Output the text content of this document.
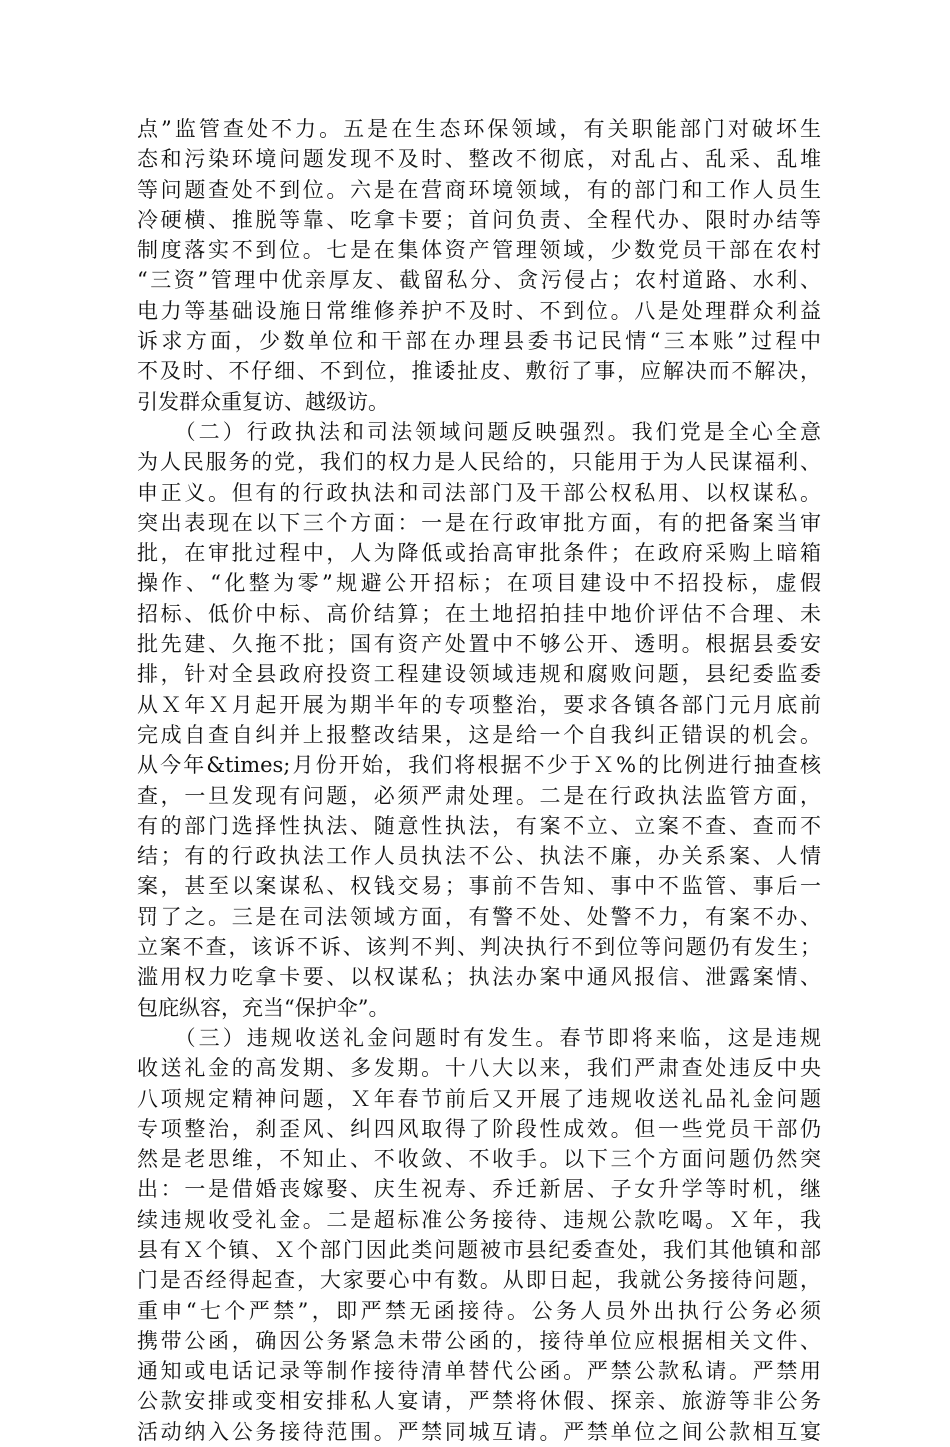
点”监管查处不力。五是在生态环保领域，有关职能部门对破坏生
态和污染环境问题发现不及时、整改不彻底，对乱占、乱采、乱堆
等问题查处不到位。六是在营商环境领域，有的部门和工作人员生
冷硬横、推脱等靠、吃拿卡要；首问负责、全程代办、限时办结等
制度落实不到位。七是在集体资产管理领域，少数党员干部在农村
“三资”管理中优亲厚友、截留私分、贪污侵占；农村道路、水利、
电力等基础设施日常维修养护不及时、不到位。八是处理群众利益
诉求方面，少数单位和干部在办理县委书记民情“三本账”过程中
不及时、不仔细、不到位，推诿扯皮、敷衍了事，应解决而不解决，
引发群众重复访、越级访。
　　（二）行政执法和司法领域问题反映强烈。我们党是全心全意
为人民服务的党，我们的权力是人民给的，只能用于为人民谋福利、
申正义。但有的行政执法和司法部门及干部公权私用、以权谋私。
突出表现在以下三个方面：一是在行政审批方面，有的把备案当审
批，在审批过程中，人为降低或抬高审批条件；在政府采购上暗箱
操作、“化整为零”规避公开招标；在项目建设中不招投标，虚假
招标、低价中标、高价结算；在土地招拍挂中地价评估不合理、未
批先建、久拖不批；国有资产处置中不够公开、透明。根据县委安
排，针对全县政府投资工程建设领域违规和腐败问题，县纪委监委
从Ｘ年Ｘ月起开展为期半年的专项整治，要求各镇各部门元月底前
完成自查自纠并上报整改结果，这是给一个自我纠正错误的机会。
从今年&times;月份开始，我们将根据不少于Ｘ%的比例进行抽查核
查，一旦发现有问题，必须严肃处理。二是在行政执法监管方面，
有的部门选择性执法、随意性执法，有案不立、立案不查、查而不
结；有的行政执法工作人员执法不公、执法不廉，办关系案、人情
案，甚至以案谋私、权钱交易；事前不告知、事中不监管、事后一
罚了之。三是在司法领域方面，有警不处、处警不力，有案不办、
立案不查，该诉不诉、该判不判、判决执行不到位等问题仍有发生；
滥用权力吃拿卡要、以权谋私；执法办案中通风报信、泄露案情、
包庇纵容，充当“保护伞”。
　　（三）违规收送礼金问题时有发生。春节即将来临，这是违规
收送礼金的高发期、多发期。十八大以来，我们严肃查处违反中央
八项规定精神问题，Ｘ年春节前后又开展了违规收送礼品礼金问题
专项整治，刹歪风、纠四风取得了阶段性成效。但一些党员干部仍
然是老思维，不知止、不收敛、不收手。以下三个方面问题仍然突
出：一是借婚丧嫁娶、庆生祝寿、乔迁新居、子女升学等时机，继
续违规收受礼金。二是超标准公务接待、违规公款吃喝。Ｘ年，我
县有Ｘ个镇、Ｘ个部门因此类问题被市县纪委查处，我们其他镇和部
门是否经得起查，大家要心中有数。从即日起，我就公务接待问题，
重申“七个严禁”，即严禁无函接待。公务人员外出执行公务必须
携带公函，确因公务紧急未带公函的，接待单位应根据相关文件、
通知或电话记录等制作接待清单替代公函。严禁公款私请。严禁用
公款安排或变相安排私人宴请，严禁将休假、探亲、旅游等非公务
活动纳入公务接待范围。严禁同城互请。严禁单位之间公款相互宴
